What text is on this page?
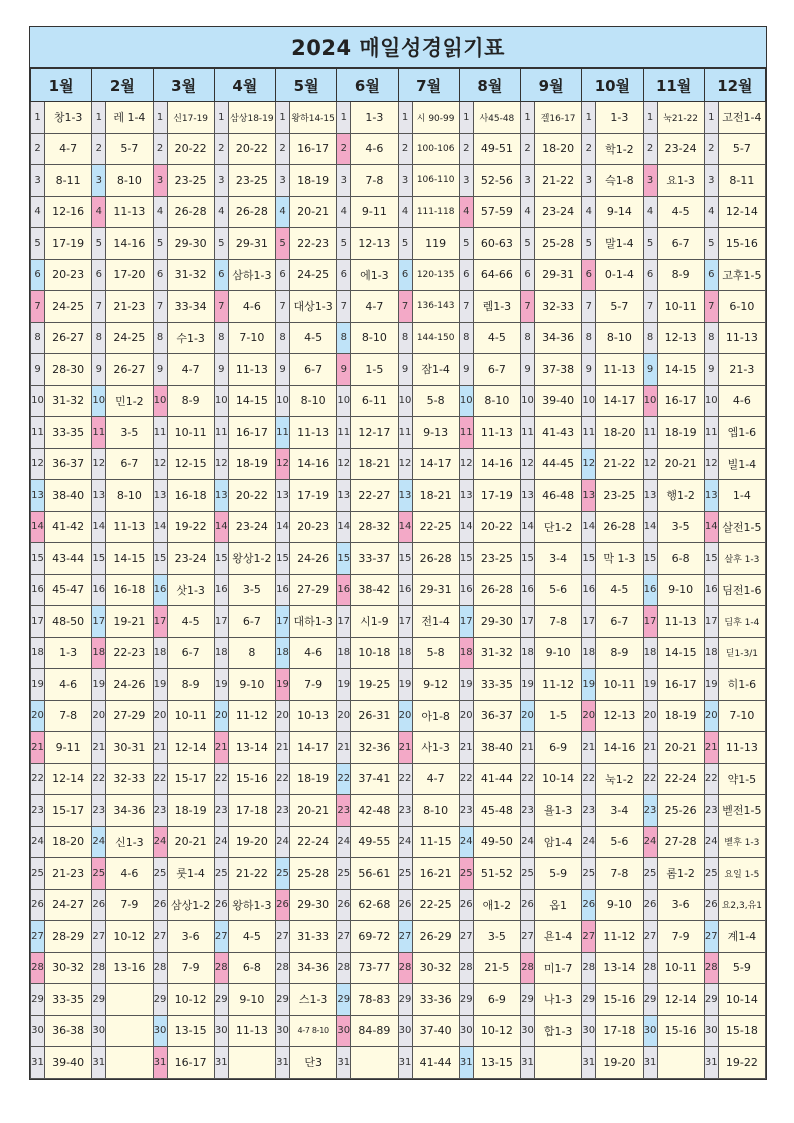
2024 매일성경읽기표
1월		2월		3월		4월		5월		6월		7월		8월		9월		10월		11월		12월	
1	창1-3	1	레 1-4	1	신17-19	1	삼상18-19	1	왕하14-15	1	1-3	1	시 90-99	1	사45-48	1	겔16-17	1	1-3	1	눅21-22	1	고전1-4
2	4-7	2	5-7	2	20-22	2	20-22	2	16-17	2	4-6	2	100-106	2	49-51	2	18-20	2	학1-2	2	23-24	2	5-7
3	8-11	3	8-10	3	23-25	3	23-25	3	18-19	3	7-8	3	106-110	3	52-56	3	21-22	3	슥1-8	3	요1-3	3	8-11
4	12-16	4	11-13	4	26-28	4	26-28	4	20-21	4	9-11	4	111-118	4	57-59	4	23-24	4	9-14	4	4-5	4	12-14
5	17-19	5	14-16	5	29-30	5	29-31	5	22-23	5	12-13	5	119	5	60-63	5	25-28	5	말1-4	5	6-7	5	15-16
6	20-23	6	17-20	6	31-32	6	삼하1-3	6	24-25	6	에1-3	6	120-135	6	64-66	6	29-31	6	0-1-4	6	8-9	6	고후1-5
7	24-25	7	21-23	7	33-34	7	4-6	7	대상1-3	7	4-7	7	136-143	7	렘1-3	7	32-33	7	5-7	7	10-11	7	6-10
8	26-27	8	24-25	8	수1-3	8	7-10	8	4-5	8	8-10	8	144-150	8	4-5	8	34-36	8	8-10	8	12-13	8	11-13
9	28-30	9	26-27	9	4-7	9	11-13	9	6-7	9	1-5	9	잠1-4	9	6-7	9	37-38	9	11-13	9	14-15	9	21-3
10	31-32	10	민1-2	10	8-9	10	14-15	10	8-10	10	6-11	10	5-8	10	8-10	10	39-40	10	14-17	10	16-17	10	4-6
11	33-35	11	3-5	11	10-11	11	16-17	11	11-13	11	12-17	11	9-13	11	11-13	11	41-43	11	18-20	11	18-19	11	엡1-6
12	36-37	12	6-7	12	12-15	12	18-19	12	14-16	12	18-21	12	14-17	12	14-16	12	44-45	12	21-22	12	20-21	12	빌1-4
13	38-40	13	8-10	13	16-18	13	20-22	13	17-19	13	22-27	13	18-21	13	17-19	13	46-48	13	23-25	13	행1-2	13	1-4
14	41-42	14	11-13	14	19-22	14	23-24	14	20-23	14	28-32	14	22-25	14	20-22	14	단1-2	14	26-28	14	3-5	14	살전1-5
15	43-44	15	14-15	15	23-24	15	왕상1-2	15	24-26	15	33-37	15	26-28	15	23-25	15	3-4	15	막 1-3	15	6-8	15	살후 1-3
16	45-47	16	16-18	16	삿1-3	16	3-5	16	27-29	16	38-42	16	29-31	16	26-28	16	5-6	16	4-5	16	9-10	16	딤전1-6
17	48-50	17	19-21	17	4-5	17	6-7	17	대하1-3	17	시1-9	17	전1-4	17	29-30	17	7-8	17	6-7	17	11-13	17	딤후 1-4
18	1-3	18	22-23	18	6-7	18	8	18	4-6	18	10-18	18	5-8	18	31-32	18	9-10	18	8-9	18	14-15	18	딛1-3/1
19	4-6	19	24-26	19	8-9	19	9-10	19	7-9	19	19-25	19	9-12	19	33-35	19	11-12	19	10-11	19	16-17	19	히1-6
20	7-8	20	27-29	20	10-11	20	11-12	20	10-13	20	26-31	20	아1-8	20	36-37	20	1-5	20	12-13	20	18-19	20	7-10
21	9-11	21	30-31	21	12-14	21	13-14	21	14-17	21	32-36	21	사1-3	21	38-40	21	6-9	21	14-16	21	20-21	21	11-13
22	12-14	22	32-33	22	15-17	22	15-16	22	18-19	22	37-41	22	4-7	22	41-44	22	10-14	22	눅1-2	22	22-24	22	약1-5
23	15-17	23	34-36	23	18-19	23	17-18	23	20-21	23	42-48	23	8-10	23	45-48	23	욜1-3	23	3-4	23	25-26	23	벧전1-5
24	18-20	24	신1-3	24	20-21	24	19-20	24	22-24	24	49-55	24	11-15	24	49-50	24	암1-4	24	5-6	24	27-28	24	벧후 1-3
25	21-23	25	4-6	25	룻1-4	25	21-22	25	25-28	25	56-61	25	16-21	25	51-52	25	5-9	25	7-8	25	롬1-2	25	요일 1-5
26	24-27	26	7-9	26	삼상1-2	26	왕하1-3	26	29-30	26	62-68	26	22-25	26	애1-2	26	옵1	26	9-10	26	3-6	26	요2,3,유1
27	28-29	27	10-12	27	3-6	27	4-5	27	31-33	27	69-72	27	26-29	27	3-5	27	욘1-4	27	11-12	27	7-9	27	계1-4
28	30-32	28	13-16	28	7-9	28	6-8	28	34-36	28	73-77	28	30-32	28	21-5	28	미1-7	28	13-14	28	10-11	28	5-9
29	33-35	29		29	10-12	29	9-10	29	스1-3	29	78-83	29	33-36	29	6-9	29	나1-3	29	15-16	29	12-14	29	10-14
30	36-38	30		30	13-15	30	11-13	30	4-7 8-10	30	84-89	30	37-40	30	10-12	30	합1-3	30	17-18	30	15-16	30	15-18
31	39-40	31		31	16-17	31		31	단3	31		31	41-44	31	13-15	31		31	19-20	31		31	19-22
